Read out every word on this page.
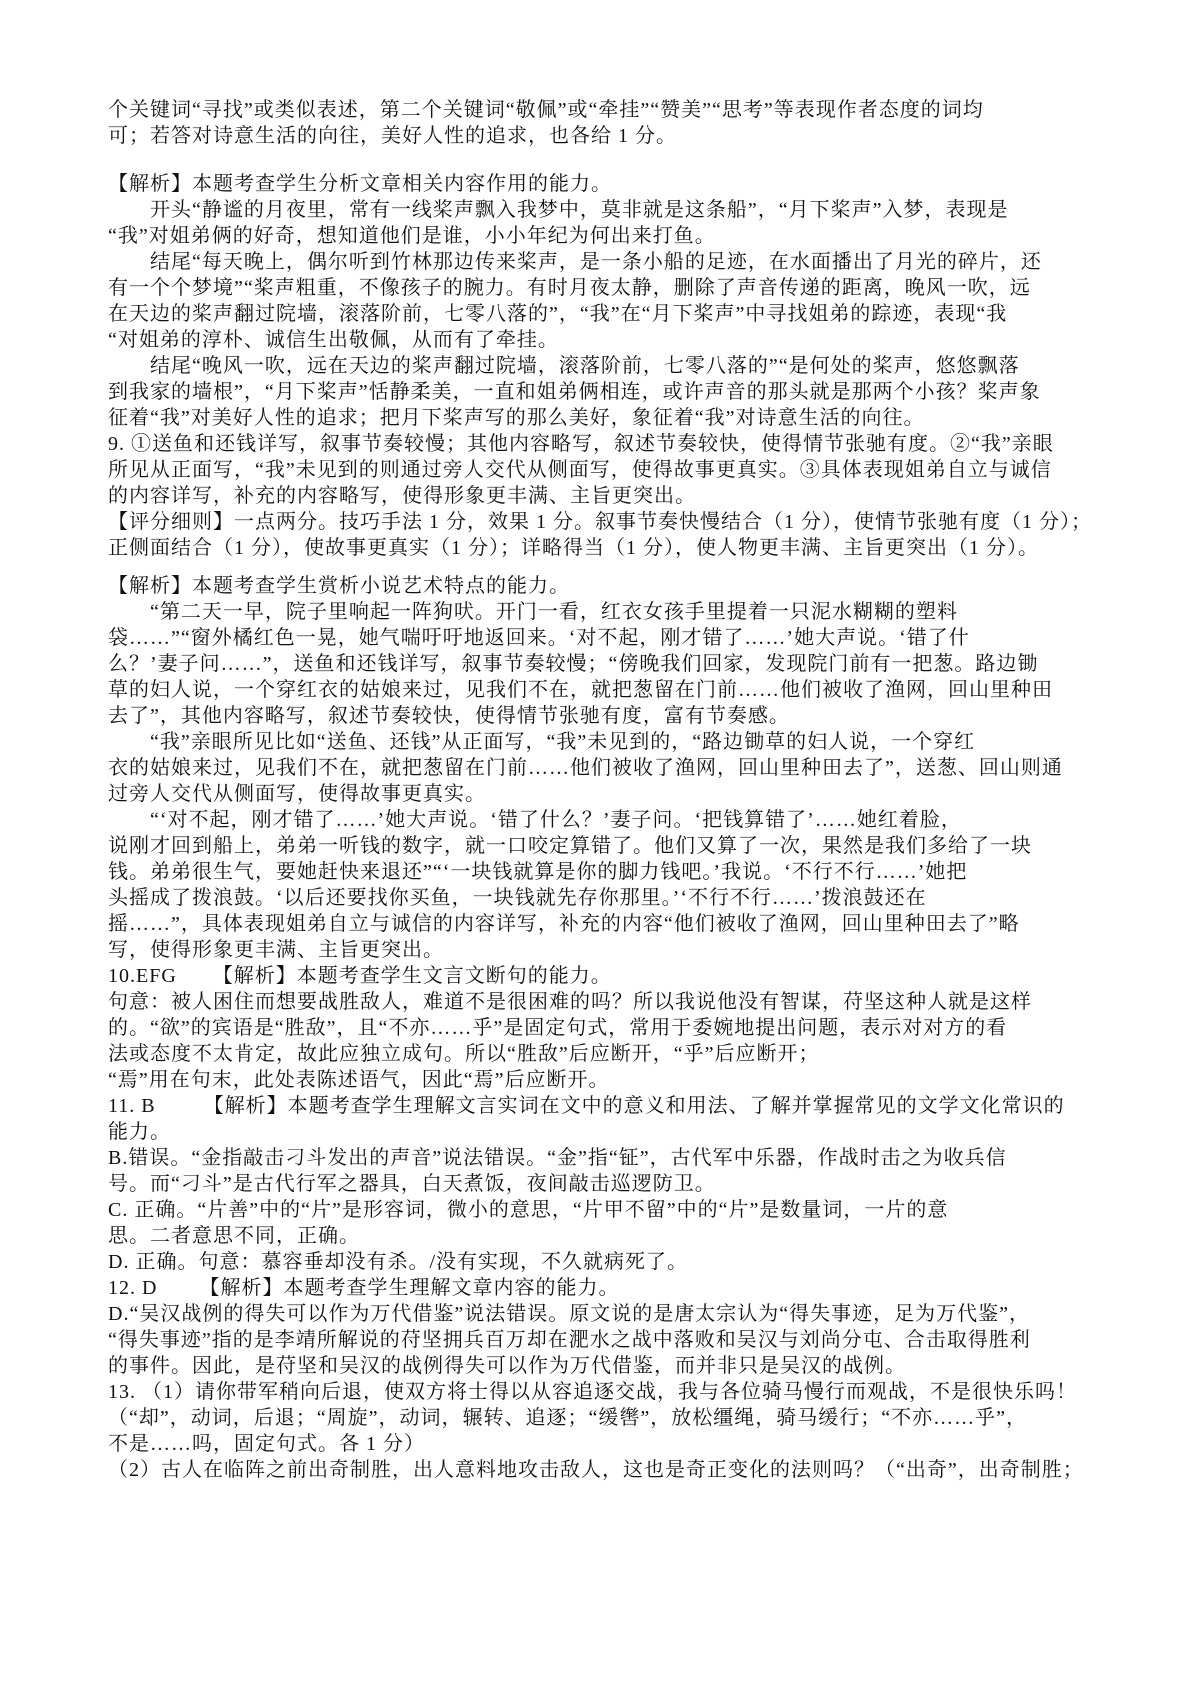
个关键词“寻找”或类似表述，第二个关键词“敬佩”或“牵挂”“赞美”“思考”等表现作者态度的词均
可；若答对诗意生活的向往，美好人性的追求，也各给 1 分。
【解析】本题考查学生分析文章相关内容作用的能力。
开头“静谧的月夜里，常有一线桨声飘入我梦中，莫非就是这条船”，“月下桨声”入梦，表现是
“我”对姐弟俩的好奇，想知道他们是谁，小小年纪为何出来打鱼。
结尾“每天晚上，偶尔听到竹林那边传来桨声，是一条小船的足迹，在水面播出了月光的碎片，还
有一个个梦境”“桨声粗重，不像孩子的腕力。有时月夜太静，删除了声音传递的距离，晚风一吹，远
在天边的桨声翻过院墙，滚落阶前，七零八落的”，“我”在“月下桨声”中寻找姐弟的踪迹，表现“我
“对姐弟的淳朴、诚信生出敬佩，从而有了牵挂。
结尾“晚风一吹，远在天边的桨声翻过院墙，滚落阶前，七零八落的”“是何处的桨声，悠悠飘落
到我家的墙根”，“月下桨声”恬静柔美，一直和姐弟俩相连，或许声音的那头就是那两个小孩？桨声象
征着“我”对美好人性的追求；把月下桨声写的那么美好，象征着“我”对诗意生活的向往。
9. ①送鱼和还钱详写，叙事节奏较慢；其他内容略写，叙述节奏较快，使得情节张驰有度。②“我”亲眼
所见从正面写，“我”未见到的则通过旁人交代从侧面写，使得故事更真实。③具体表现姐弟自立与诚信
的内容详写，补充的内容略写，使得形象更丰满、主旨更突出。
【评分细则】一点两分。技巧手法 1 分，效果 1 分。叙事节奏快慢结合（1 分），使情节张驰有度（1 分）；
正侧面结合（1 分），使故事更真实（1 分）；详略得当（1 分），使人物更丰满、主旨更突出（1 分）。
【解析】本题考查学生赏析小说艺术特点的能力。
“第二天一早，院子里响起一阵狗吠。开门一看，红衣女孩手里提着一只泥水糊糊的塑料
袋……”“窗外橘红色一晃，她气喘吁吁地返回来。‘对不起，刚才错了……’她大声说。‘错了什
么？’妻子问……”，送鱼和还钱详写，叙事节奏较慢；“傍晚我们回家，发现院门前有一把葱。路边锄
草的妇人说，一个穿红衣的姑娘来过，见我们不在，就把葱留在门前……他们被收了渔网，回山里种田
去了”，其他内容略写，叙述节奏较快，使得情节张驰有度，富有节奏感。
“我”亲眼所见比如“送鱼、还钱”从正面写，“我”未见到的，“路边锄草的妇人说，一个穿红
衣的姑娘来过，见我们不在，就把葱留在门前……他们被收了渔网，回山里种田去了”，送葱、回山则通
过旁人交代从侧面写，使得故事更真实。
“‘对不起，刚才错了……’她大声说。‘错了什么？’妻子问。‘把钱算错了’……她红着脸，
说刚才回到船上，弟弟一听钱的数字，就一口咬定算错了。他们又算了一次，果然是我们多给了一块
钱。弟弟很生气，要她赶快来退还”“‘一块钱就算是你的脚力钱吧。’我说。‘不行不行……’她把
头摇成了拨浪鼓。‘以后还要找你买鱼，一块钱就先存你那里。’‘不行不行……’拨浪鼓还在
摇……”，具体表现姐弟自立与诚信的内容详写，补充的内容“他们被收了渔网，回山里种田去了”略
写，使得形象更丰满、主旨更突出。
10.EFG      【解析】本题考查学生文言文断句的能力。
句意：被人困住而想要战胜敌人，难道不是很困难的吗？所以我说他没有智谋，苻坚这种人就是这样
的。“欲”的宾语是“胜敌”，且“不亦……乎”是固定句式，常用于委婉地提出问题，表示对对方的看
法或态度不太肯定，故此应独立成句。所以“胜敌”后应断开，“乎”后应断开；
“焉”用在句末，此处表陈述语气，因此“焉”后应断开。
11. B        【解析】本题考查学生理解文言实词在文中的意义和用法、了解并掌握常见的文学文化常识的
能力。
B.错误。“金指敲击刁斗发出的声音”说法错误。“金”指“钲”，古代军中乐器，作战时击之为收兵信
号。而“刁斗”是古代行军之器具，白天煮饭，夜间敲击巡逻防卫。
C. 正确。“片善”中的“片”是形容词，微小的意思，“片甲不留”中的“片”是数量词，一片的意
思。二者意思不同，正确。
D. 正确。句意：慕容垂却没有杀。/没有实现，不久就病死了。
12. D       【解析】本题考查学生理解文章内容的能力。
D.“吴汉战例的得失可以作为万代借鉴”说法错误。原文说的是唐太宗认为“得失事迹，足为万代鉴”，
“得失事迹”指的是李靖所解说的苻坚拥兵百万却在淝水之战中落败和吴汉与刘尚分屯、合击取得胜利
的事件。因此，是苻坚和吴汉的战例得失可以作为万代借鉴，而并非只是吴汉的战例。
13. （1）请你带军稍向后退，使双方将士得以从容追逐交战，我与各位骑马慢行而观战，不是很快乐吗！
（“却”，动词，后退；“周旋”，动词，辗转、追逐；“缓辔”，放松缰绳，骑马缓行；“不亦……乎”，
不是……吗，固定句式。各 1 分）
（2）古人在临阵之前出奇制胜，出人意料地攻击敌人，这也是奇正变化的法则吗？（“出奇”，出奇制胜；
